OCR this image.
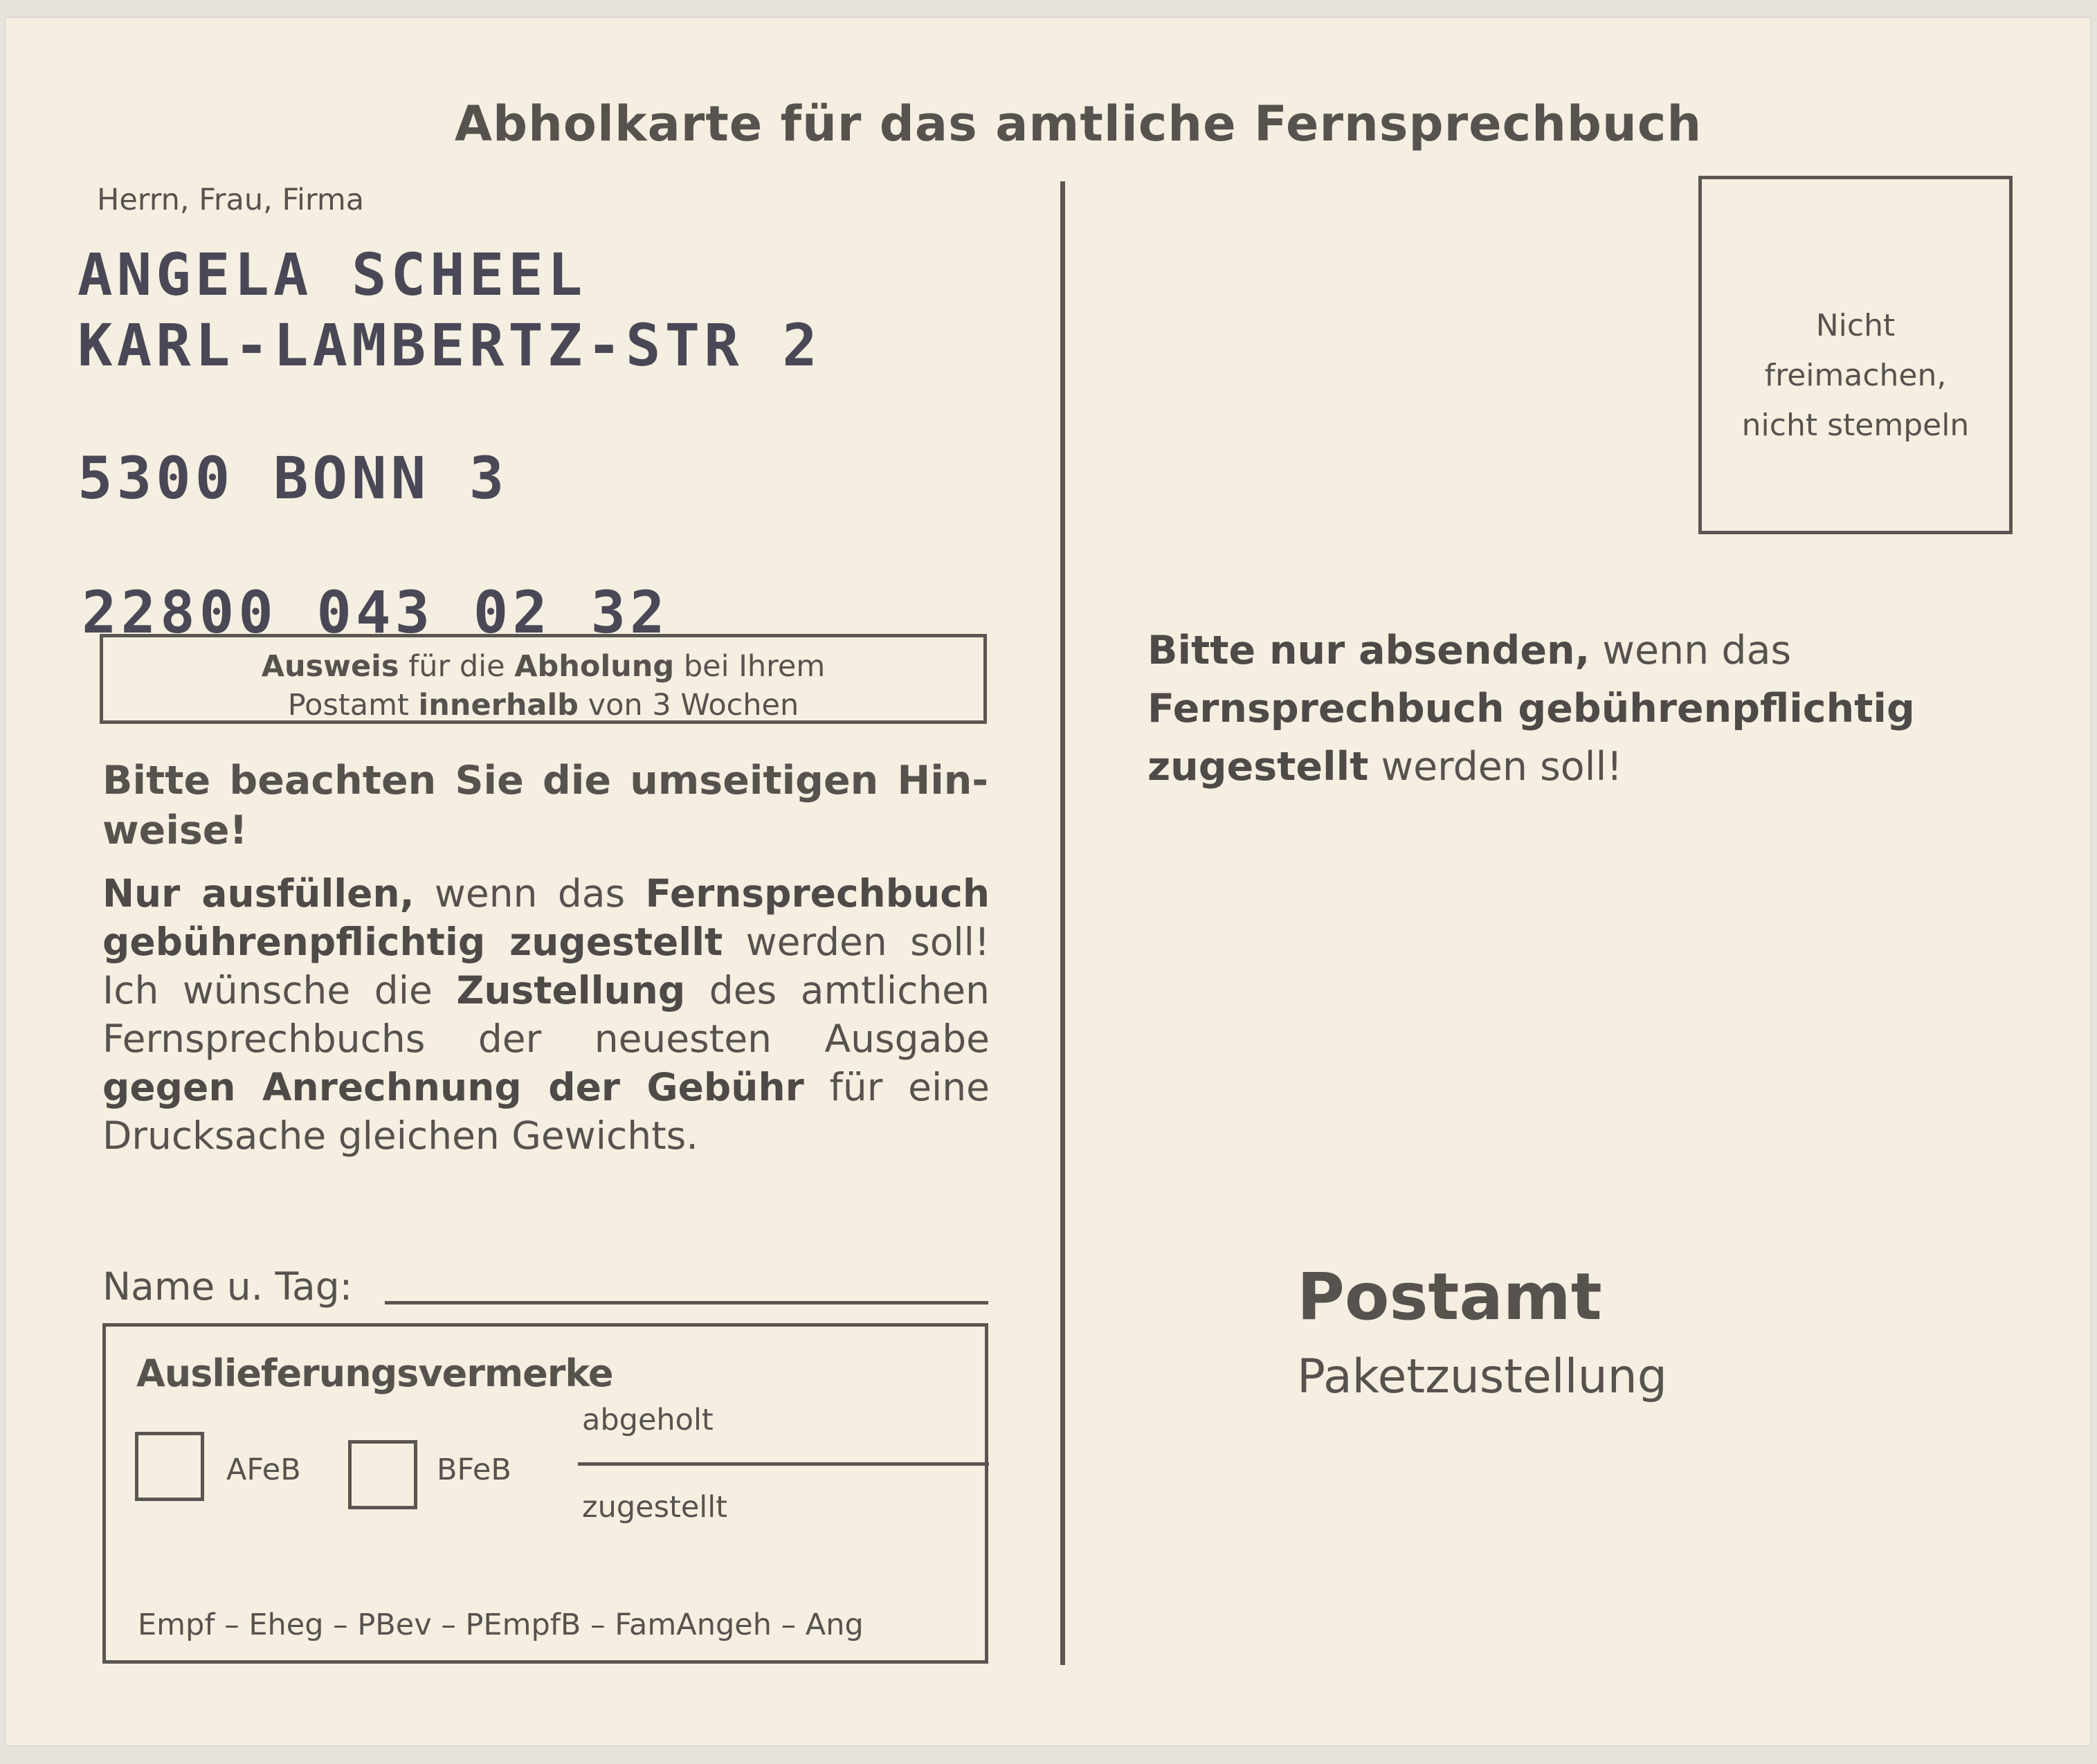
Abholkarte für das amtliche Fernsprechbuch
Herrn, Frau, Firma
ANGELA SCHEEL
KARL-LAMBERTZ-STR 2
5300 BONN 3
22800 043 02 32
Ausweis für die Abholung bei Ihrem
Postamt innerhalb von 3 Wochen
Bitte beachten Sie die umseitigen Hin-
weise!
Nur ausfüllen, wenn das Fernsprechbuch
gebührenpflichtig zugestellt werden soll!
Ich wünsche die Zustellung des amtlichen
Fernsprechbuchs der neuesten Ausgabe
gegen Anrechnung der Gebühr für eine
Drucksache gleichen Gewichts.
Name u. Tag:
Auslieferungsvermerke
AFeB	BFeB
abgeholt
zugestellt
Empf – Eheg – PBev – PEmpfB – FamAngeh – Ang
Nicht
freimachen,
nicht stempeln
Bitte nur absenden, wenn das
Fernsprechbuch gebührenpflichtig
zugestellt werden soll!
Postamt
Paketzustellung
